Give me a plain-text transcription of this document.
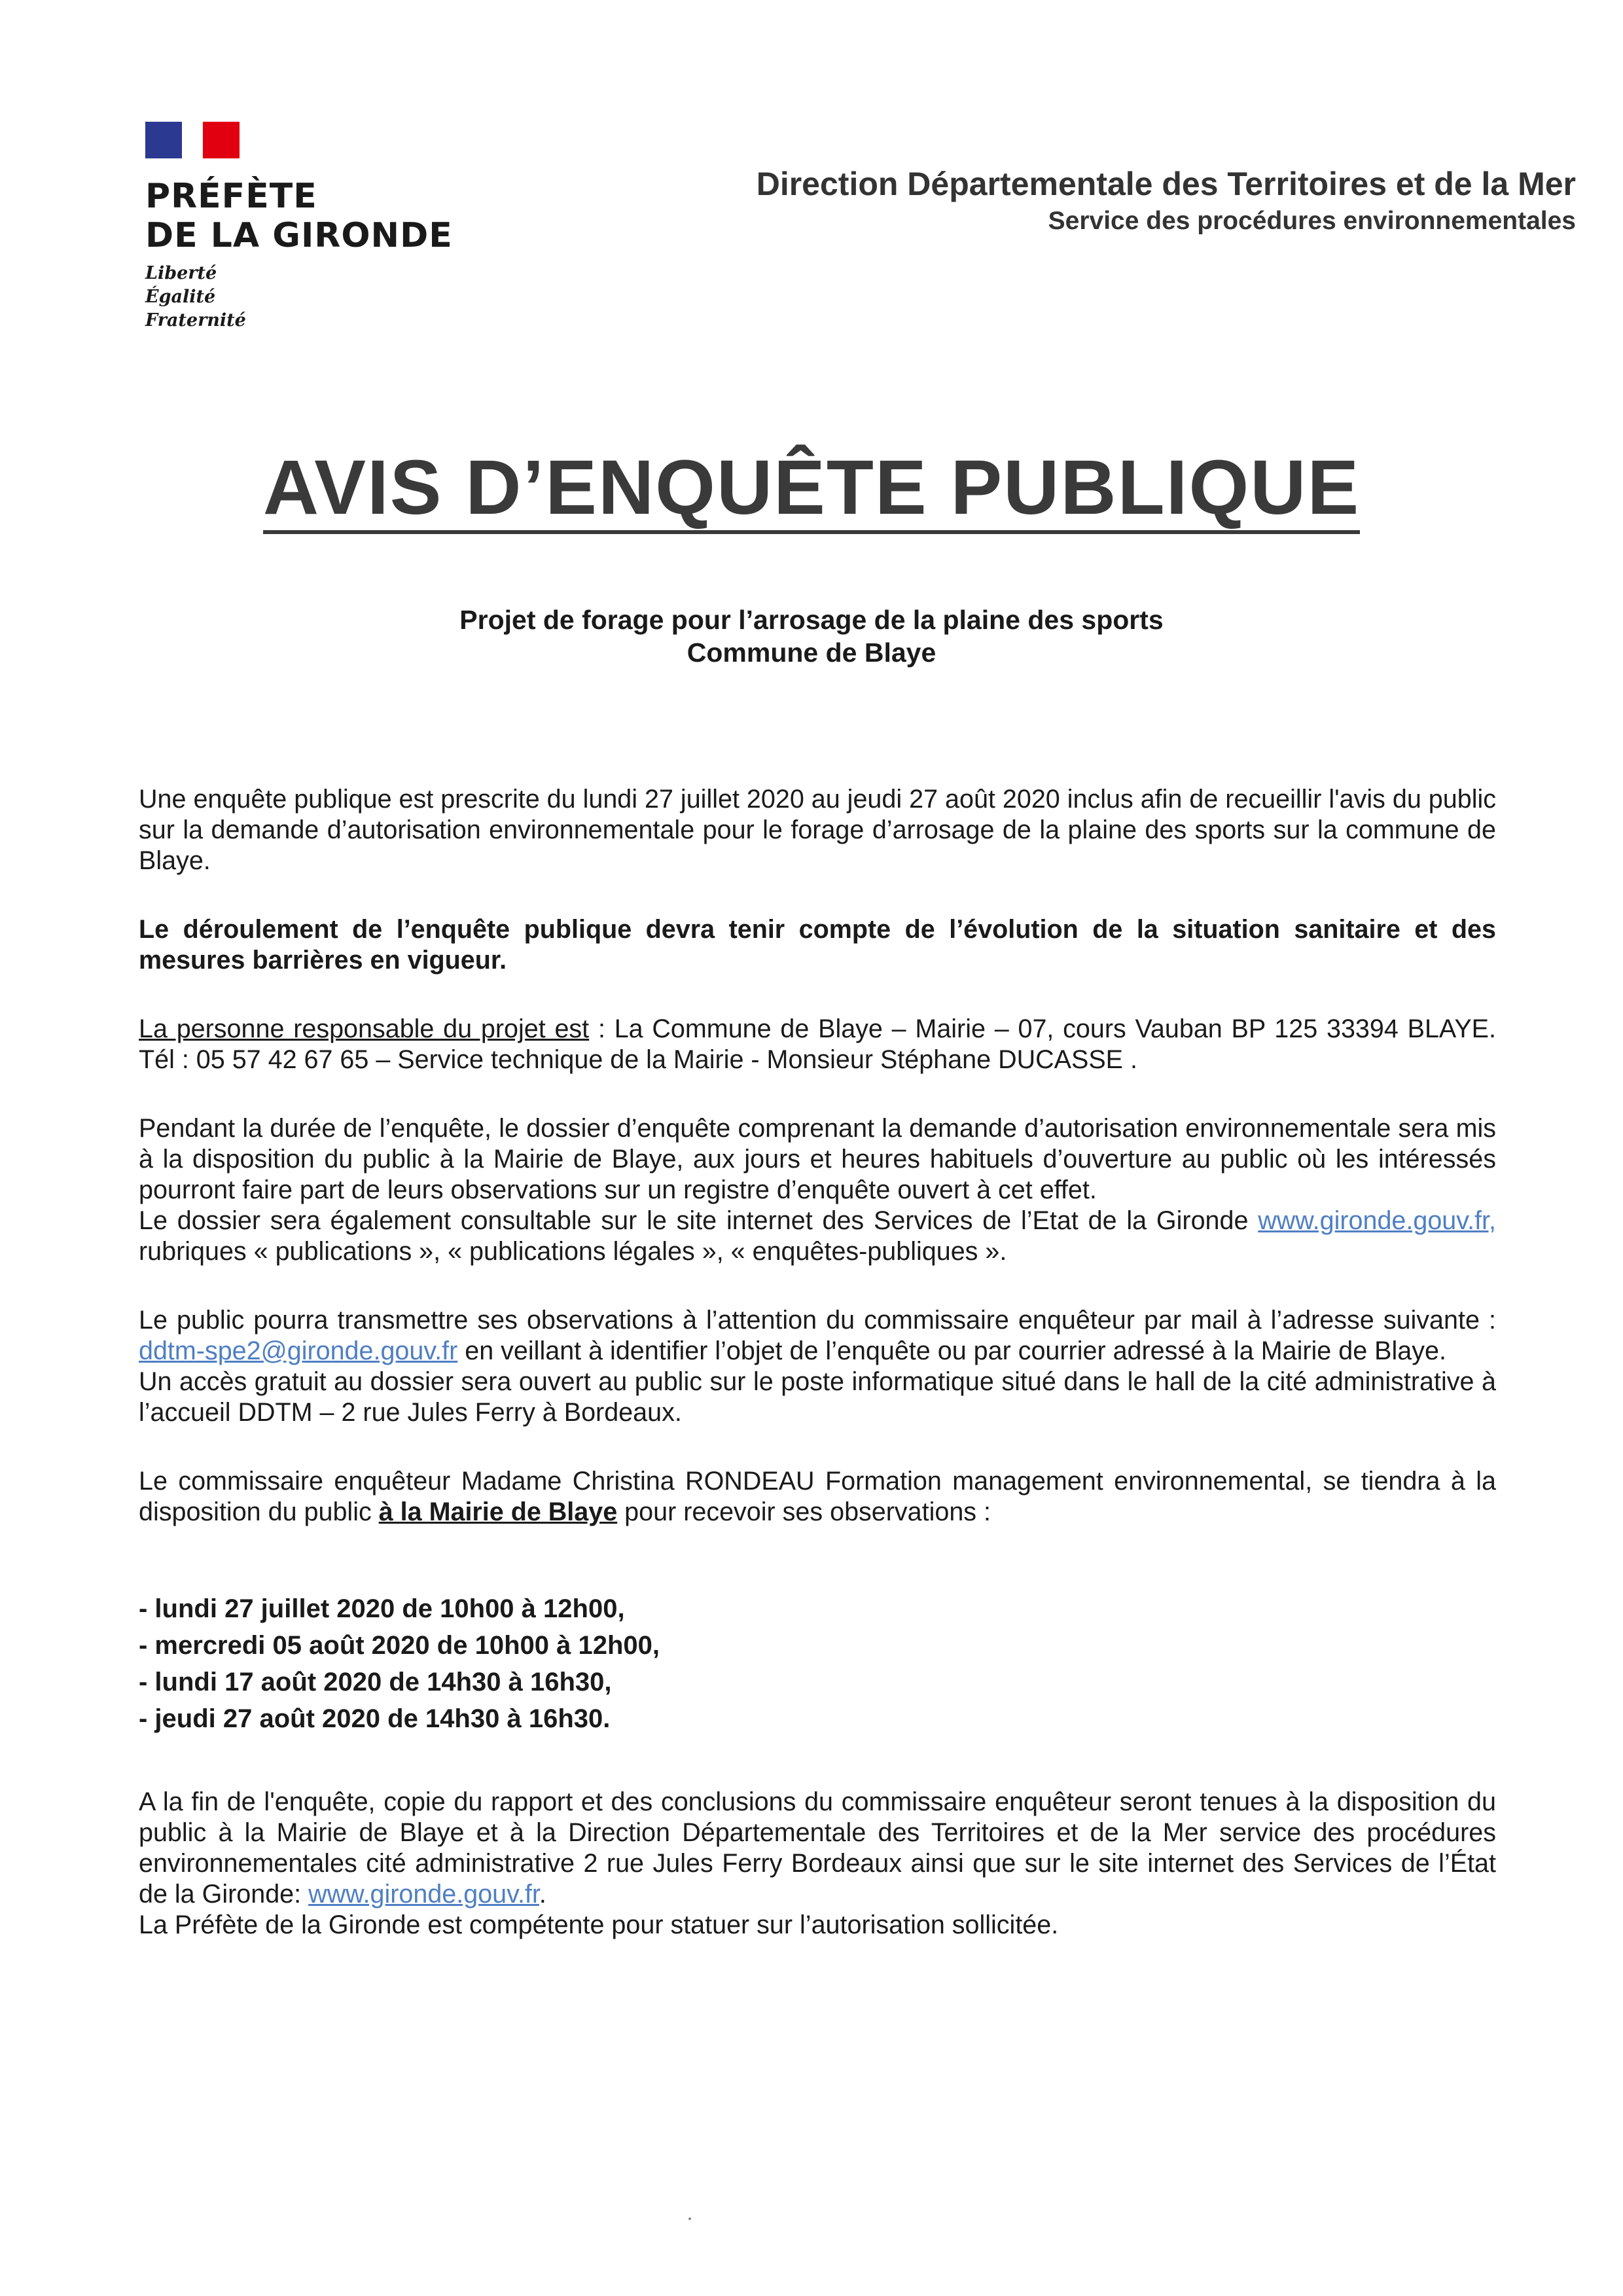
PRÉFÈTE
DE LA GIRONDE
Liberté
Égalité
Fraternité
Direction Départementale des Territoires et de la Mer
Service des procédures environnementales
AVIS D’ENQUÊTE PUBLIQUE
Projet de forage pour l’arrosage de la plaine des sports
Commune de Blaye

Une enquête publique est prescrite du lundi 27 juillet 2020 au jeudi 27 août 2020 inclus afin de recueillir l'avis du public sur la demande d’autorisation environnementale pour le forage d’arrosage de la plaine des sports sur la commune de Blaye.

Le déroulement de l’enquête publique devra tenir compte de l’évolution de la situation sanitaire et des mesures barrières en vigueur.

La personne responsable du projet est : La Commune de Blaye – Mairie – 07, cours Vauban BP 125 33394 BLAYE. Tél : 05 57 42 67 65 – Service technique de la Mairie - Monsieur Stéphane DUCASSE .

Pendant la durée de l’enquête, le dossier d’enquête comprenant la demande d’autorisation environnementale sera mis à la disposition du public à la Mairie de Blaye, aux jours et heures habituels d’ouverture au public où les intéressés pourront faire part de leurs observations sur un registre d’enquête ouvert à cet effet.
Le dossier sera également consultable sur le site internet des Services de l’Etat de la Gironde www.gironde.gouv.fr, rubriques « publications », « publications légales », « enquêtes-publiques ».

Le public pourra transmettre ses observations à l’attention du commissaire enquêteur par mail à l’adresse suivante : ddtm-spe2@gironde.gouv.fr en veillant à identifier l’objet de l’enquête ou par courrier adressé à la Mairie de Blaye.
Un accès gratuit au dossier sera ouvert au public sur le poste informatique situé dans le hall de la cité administrative à l’accueil DDTM – 2 rue Jules Ferry à Bordeaux.

Le commissaire enquêteur Madame Christina RONDEAU Formation management environnemental, se tiendra à la disposition du public à la Mairie de Blaye pour recevoir ses observations :

- lundi 27 juillet 2020 de 10h00 à 12h00,
- mercredi 05 août 2020 de 10h00 à 12h00,
- lundi 17 août 2020 de 14h30 à 16h30,
- jeudi 27 août 2020 de 14h30 à 16h30.

A la fin de l'enquête, copie du rapport et des conclusions du commissaire enquêteur seront tenues à la disposition du public à la Mairie de Blaye et à la Direction Départementale des Territoires et de la Mer service des procédures environnementales cité administrative 2 rue Jules Ferry Bordeaux ainsi que sur le site internet des Services de l’État de la Gironde: www.gironde.gouv.fr.
La Préfète de la Gironde est compétente pour statuer sur l’autorisation sollicitée.
